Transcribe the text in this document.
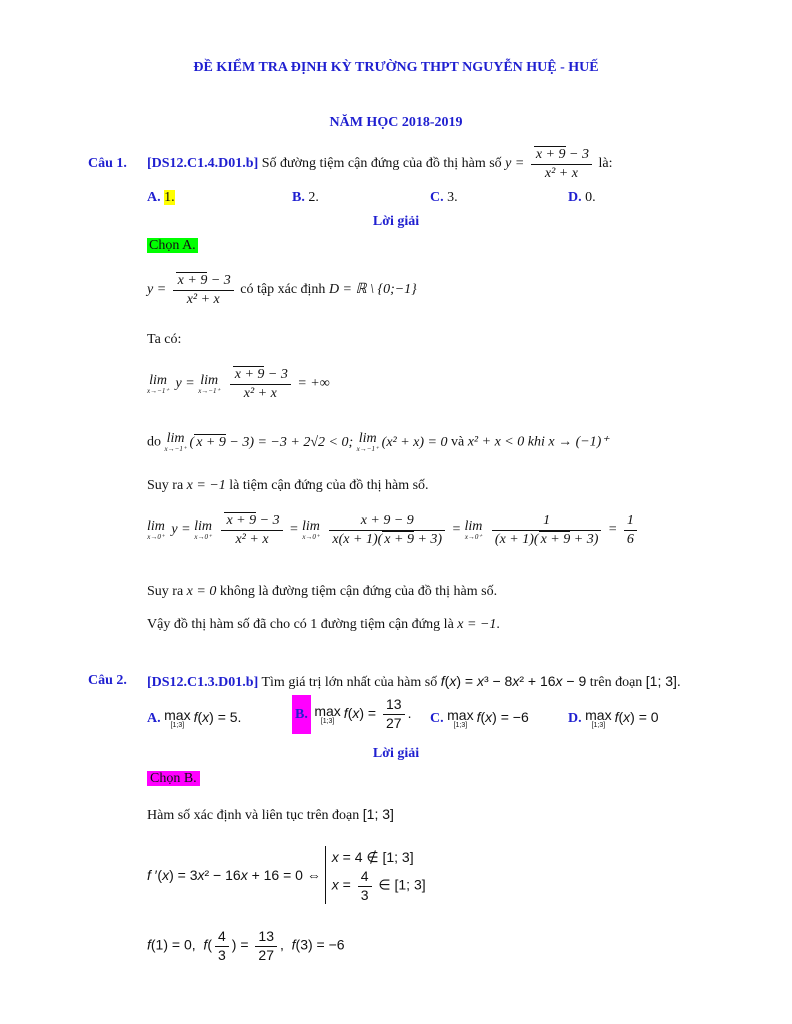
ĐỀ KIỂM TRA ĐỊNH KỲ TRƯỜNG THPT NGUYỄN HUỆ - HUẾ
NĂM HỌC 2018-2019
Câu 1. [DS12.C1.4.D01.b] Số đường tiệm cận đứng của đồ thị hàm số $y = \frac{x + 9 - 3}{\text{x² + x}}$ là:
A. 1.	B. 2.	C. 3.	D. 0.
Lời giải
Chọn A.
$y = \frac{x + 9 - 3}{\text{x² + x}}$ có tập xác định D = ℝ \ {0;−1}
Ta có:
lim
x→−1⁺ y = lim
x→−1⁺
$\frac{x + 9 - 3}{\text{x² + x}}$ = +∞
do lim
x→−1⁺ ( x + 9 − 3) = −3 + 2√2 < 0; lim
x→−1⁺ (x² + x) = 0 và x² + x < 0 khi x → (−1)⁺
Suy ra x = −1 là tiệm cận đứng của đồ thị hàm số.
lim
x→0⁺ y = lim
x→0⁺
$\frac{x + 9 - 3}{\text{x² + x}} = \lim$
x→0⁺
$\frac{x + 9 - 9}{x(x + 1)( x + 9 + 3)} = \lim$
x→0⁺
$\frac{1}{(x + 1)( x + 9 + 3)} = \frac{1}{6}$
Suy ra x = 0 không là đường tiệm cận đứng của đồ thị hàm số.
Vậy đồ thị hàm số đã cho có 1 đường tiệm cận đứng là x = −1.
Câu 2. [DS12.C1.3.D01.b] Tìm giá trị lớn nhất của hàm số f(x) = x³ − 8x² + 16x − 9 trên đoạn [1; 3].
A. max
[1;3]
f(x) = 5.	B. max
[1;3]
$f(x) = \frac{13}{27}$ . C. max
[1;3]
f(x) = −6	D. max
[1;3]
f(x) = 0
Lời giải
Chọn B.
Hàm số xác định và liên tục trên đoạn [1; 3]
f ′(x) = 3x² − 16x + 16 = 0 ⇔
x = 4 ∉ [1; 3]
$x = \frac{4}{3}$ ∈ [1; 3]
f(1) = 0,  $f( \frac{4}{3}$ ) = $\frac{13}{27}$ ,  f(3) = −6
